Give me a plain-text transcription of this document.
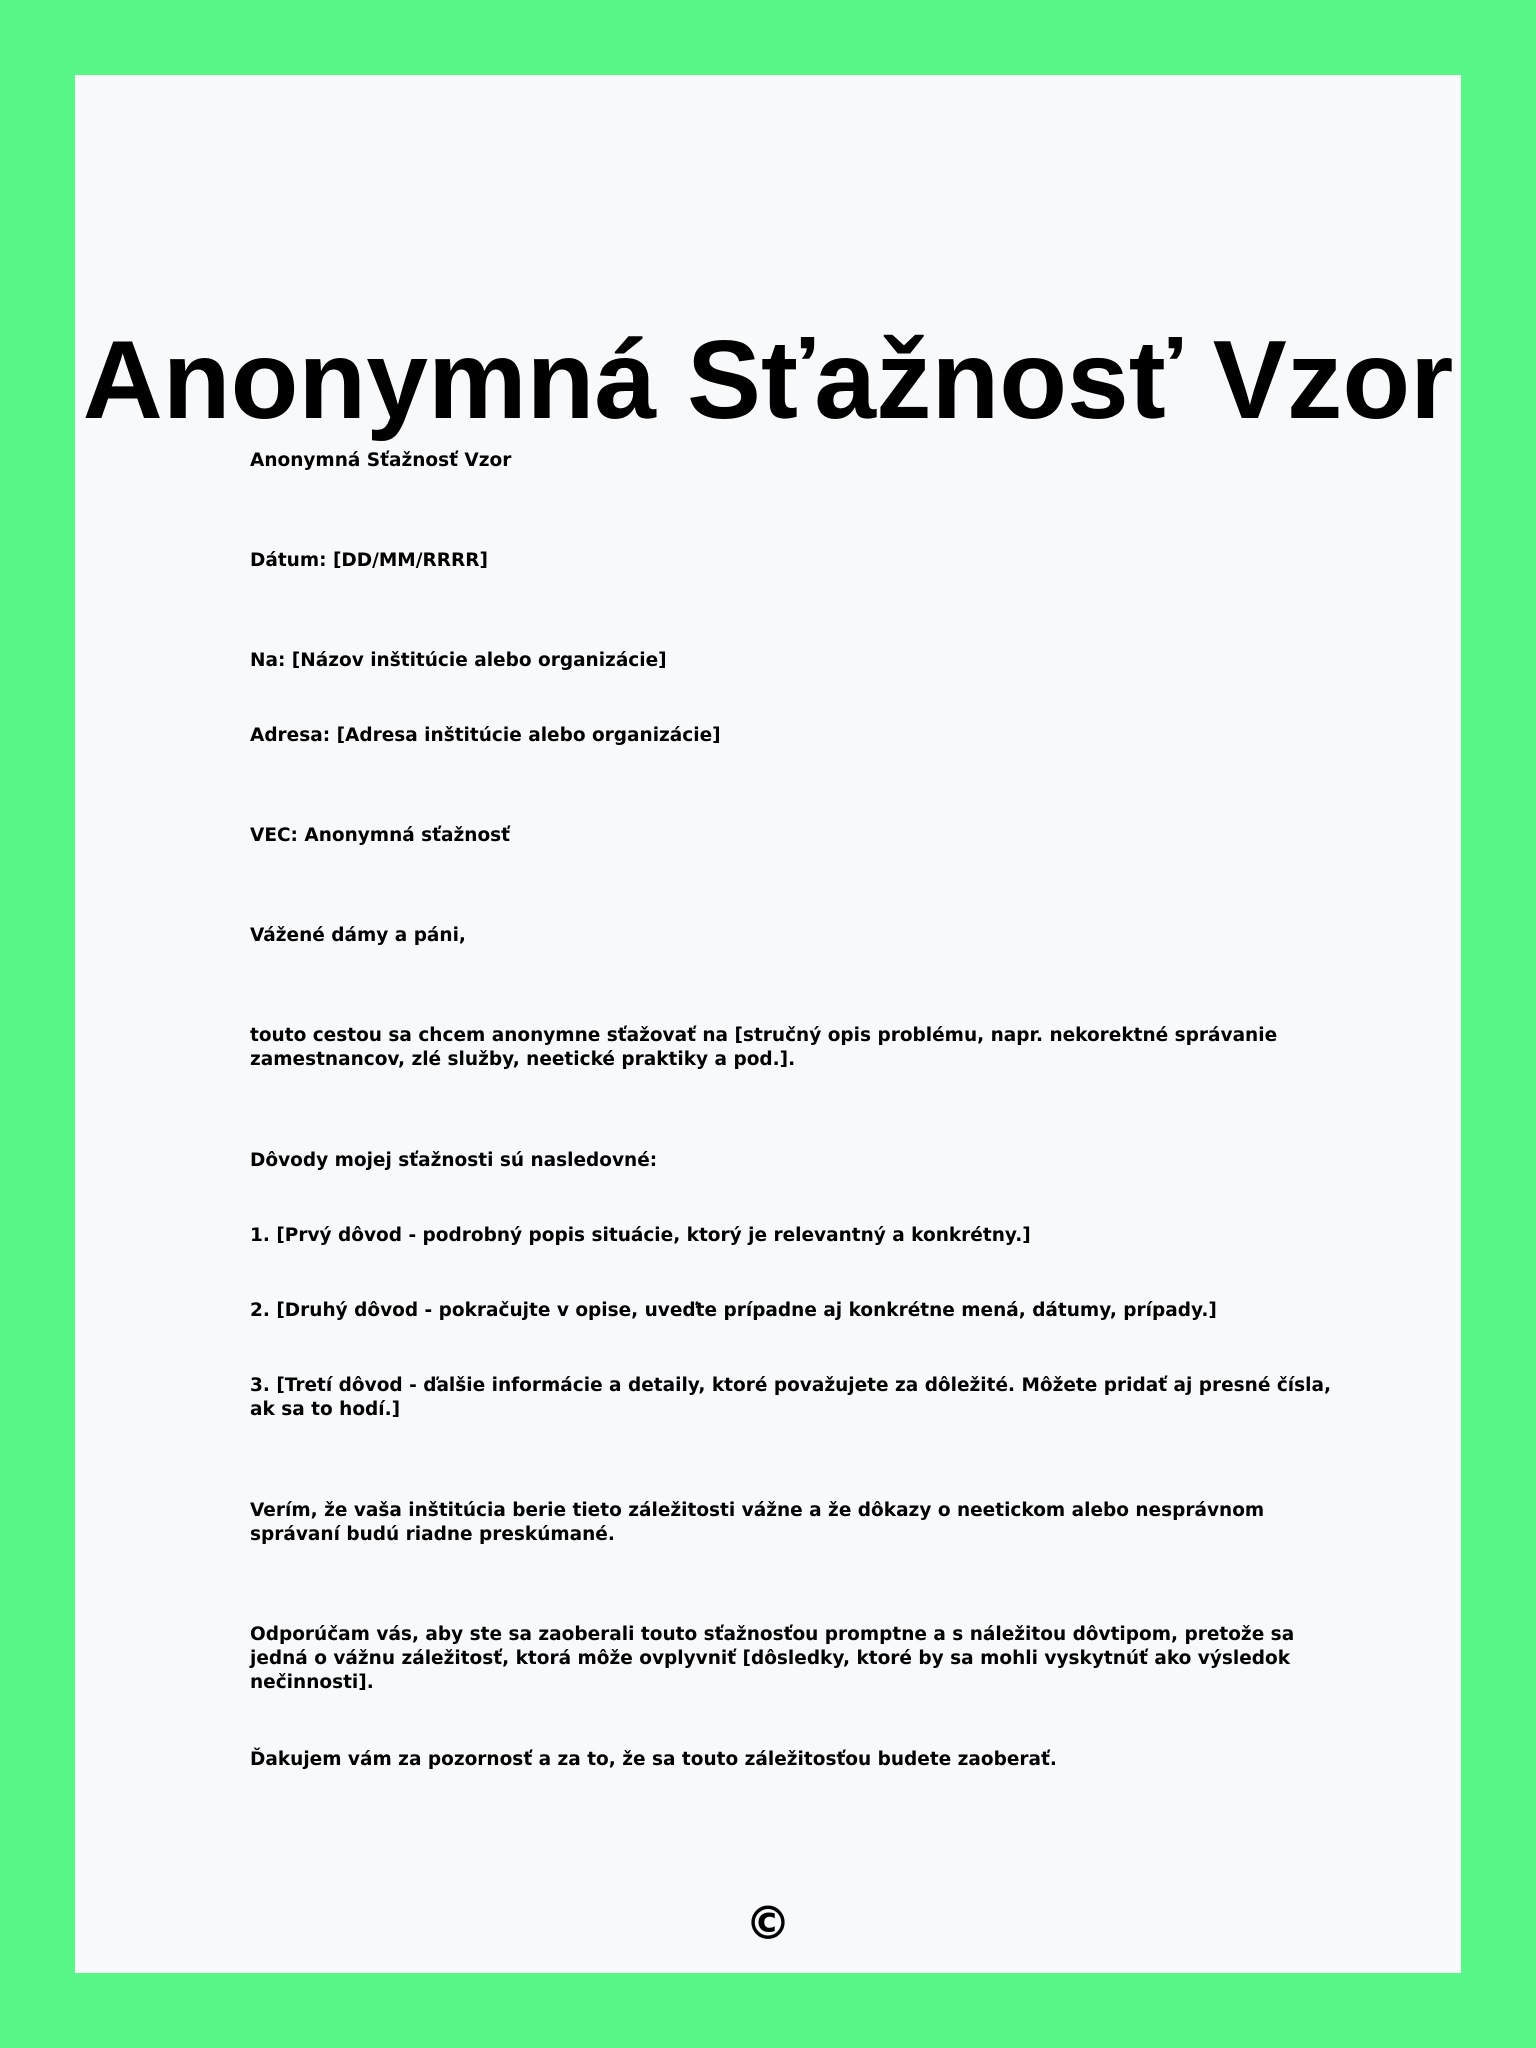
Anonymná Sťažnosť Vzor

Anonymná Sťažnosť Vzor

Dátum: [DD/MM/RRRR]

Na: [Názov inštitúcie alebo organizácie]

Adresa: [Adresa inštitúcie alebo organizácie]

VEC: Anonymná sťažnosť

Vážené dámy a páni,

touto cestou sa chcem anonymne sťažovať na [stručný opis problému, napr. nekorektné správanie zamestnancov, zlé služby, neetické praktiky a pod.].

Dôvody mojej sťažnosti sú nasledovné:

1. [Prvý dôvod - podrobný popis situácie, ktorý je relevantný a konkrétny.]

2. [Druhý dôvod - pokračujte v opise, uveďte prípadne aj konkrétne mená, dátumy, prípady.]

3. [Tretí dôvod - ďalšie informácie a detaily, ktoré považujete za dôležité. Môžete pridať aj presné čísla, ak sa to hodí.]

Verím, že vaša inštitúcia berie tieto záležitosti vážne a že dôkazy o neetickom alebo nesprávnom správaní budú riadne preskúmané.

Odporúčam vás, aby ste sa zaoberali touto sťažnosťou promptne a s náležitou dôvtipom, pretože sa jedná o vážnu záležitosť, ktorá môže ovplyvniť [dôsledky, ktoré by sa mohli vyskytnúť ako výsledok nečinnosti].

Ďakujem vám za pozornosť a za to, že sa touto záležitosťou budete zaoberať.

©
